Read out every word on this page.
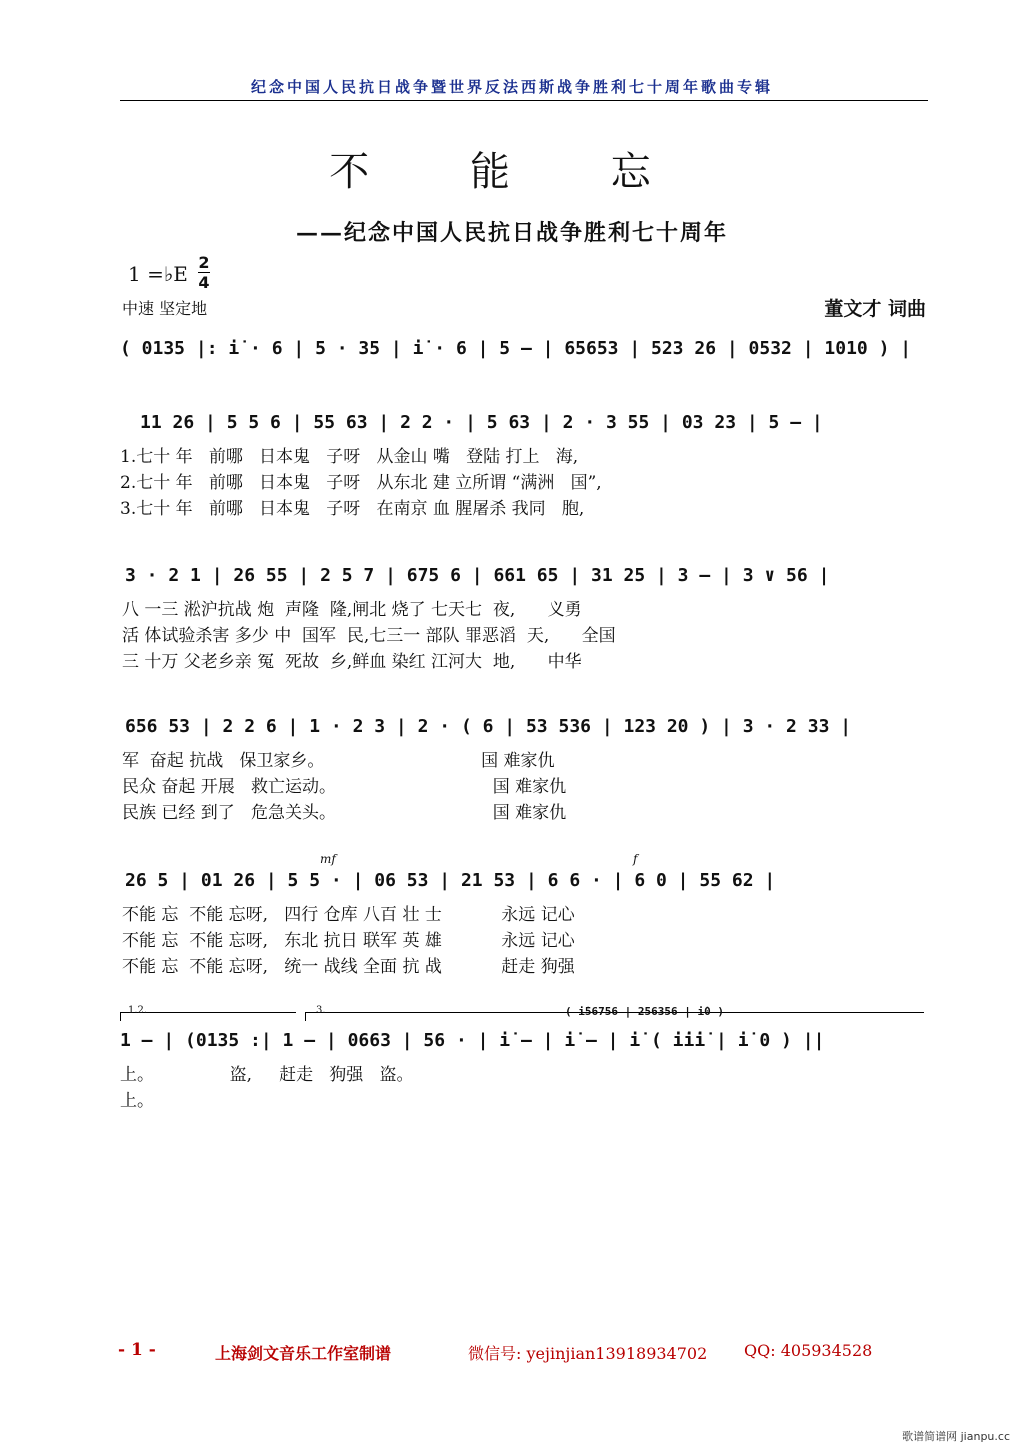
纪念中国人民抗日战争暨世界反法西斯战争胜利七十周年歌曲专辑
不 能 忘
——纪念中国人民抗日战争胜利七十周年
1 =♭E 2
4
中速 坚定地	董文才 词曲
( 0135 |: i̇ · 6 | 5 · 35 | i̇ · 6 | 5 – | 65653 | 523 26 | 0532 | 1010 ) |
11 26 | 5 5 6 | 55 63 | 2 2 · | 5 63 | 2 · 3 55 | 03 23 | 5 – |
1.七十 年   前哪   日本鬼   子呀   从金山 嘴   登陆 打上   海,
2.七十 年   前哪   日本鬼   子呀   从东北 建 立所谓 “满洲   国”,
3.七十 年   前哪   日本鬼   子呀   在南京 血 腥屠杀 我同   胞,
3 · 2 1 | 26 55 | 2 5 7 | 675 6 | 661 65 | 31 25 | 3 – | 3 ∨ 56 |
八 一三 淞沪抗战 炮  声隆  隆,闸北 烧了 七天七  夜,      义勇
活 体试验杀害 多少 中  国军  民,七三一 部队 罪恶滔  天,      全国
三 十万 父老乡亲 冤  死故  乡,鲜血 染红 江河大  地,      中华
656 53 | 2 2 6 | 1 · 2 3 | 2 · ( 6 | 53 536 | 123 20 ) | 3 · 2 33 |
军  奋起 抗战   保卫家乡。                             国 难家仇
民众 奋起 开展   救亡运动。                             国 难家仇
民族 已经 到了   危急关头。                             国 难家仇
mf	f
26 5 | 01 26 | 5 5 · | 06 53 | 21 53 | 6 6 · | 6 0 | 55 62 |
不能 忘  不能 忘呀,   四行 仓库 八百 壮 士           永远 记心
不能 忘  不能 忘呀,   东北 抗日 联军 英 雄           永远 记心
不能 忘  不能 忘呀,   统一 战线 全面 抗 战           赶走 狗强
1.2.	3.	( i̇56756 | 256356 | i̇0 )
1 – | (0135 :| 1 – | 0663 | 56 · | i̇ – | i̇ – | i̇ ( i̇i̇i̇ | i̇ 0 ) ||
上。              盗,     赶走   狗强   盗。
上。
- 1 -	上海剑文音乐工作室制谱	微信号: yejinjian13918934702 QQ: 405934528
歌谱简谱网 jianpu.cc
